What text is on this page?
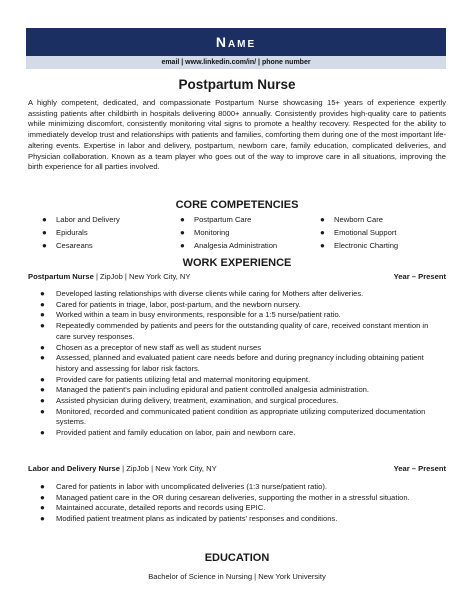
Name
email | www.linkedin.com/in/ | phone number
Postpartum Nurse

A highly competent, dedicated, and compassionate Postpartum Nurse showcasing 15+ years of experience expertly assisting patients after childbirth in hospitals delivering 8000+ annually. Consistently provides high-quality care to patients while minimizing discomfort, consistently monitoring vital signs to promote a healthy recovery. Respected for the ability to immediately develop trust and relationships with patients and families, comforting them during one of the most important life-altering events. Expertise in labor and delivery, postpartum, newborn care, family education, complicated deliveries, and Physician collaboration. Known as a team player who goes out of the way to improve care in all situations, improving the birth experience for all parties involved.

CORE COMPETENCIES
● Labor and Delivery
● Epidurals
● Cesareans
● Postpartum Care
● Monitoring
● Analgesia Administration
● Newborn Care
● Emotional Support
● Electronic Charting
WORK EXPERIENCE
Postpartum Nurse | ZipJob | New York City, NY	Year – Present
● Developed lasting relationships with diverse clients while caring for Mothers after deliveries.
● Cared for patients in triage, labor, post-partum, and the newborn nursery.
● Worked within a team in busy environments, responsible for a 1:5 nurse/patient ratio.
● Repeatedly commended by patients and peers for the outstanding quality of care, received constant mention in care survey responses.
● Chosen as a preceptor of new staff as well as student nurses
● Assessed, planned and evaluated patient care needs before and during pregnancy including obtaining patient history and assessing for labor risk factors.
● Provided care for patients utilizing fetal and maternal monitoring equipment.
● Managed the patient's pain including epidural and patient controlled analgesia administration.
● Assisted physician during delivery, treatment, examination, and surgical procedures.
● Monitored, recorded and communicated patient condition as appropriate utilizing computerized documentation systems.
● Provided patient and family education on labor, pain and newborn care.
Labor and Delivery Nurse | ZipJob | New York City, NY	Year – Present
● Cared for patients in labor with uncomplicated deliveries (1:3 nurse/patient ratio).
● Managed patient care in the OR during cesarean deliveries, supporting the mother in a stressful situation.
● Maintained accurate, detailed reports and records using EPIC.
● Modified patient treatment plans as indicated by patients' responses and conditions.
EDUCATION
Bachelor of Science in Nursing | New York University
